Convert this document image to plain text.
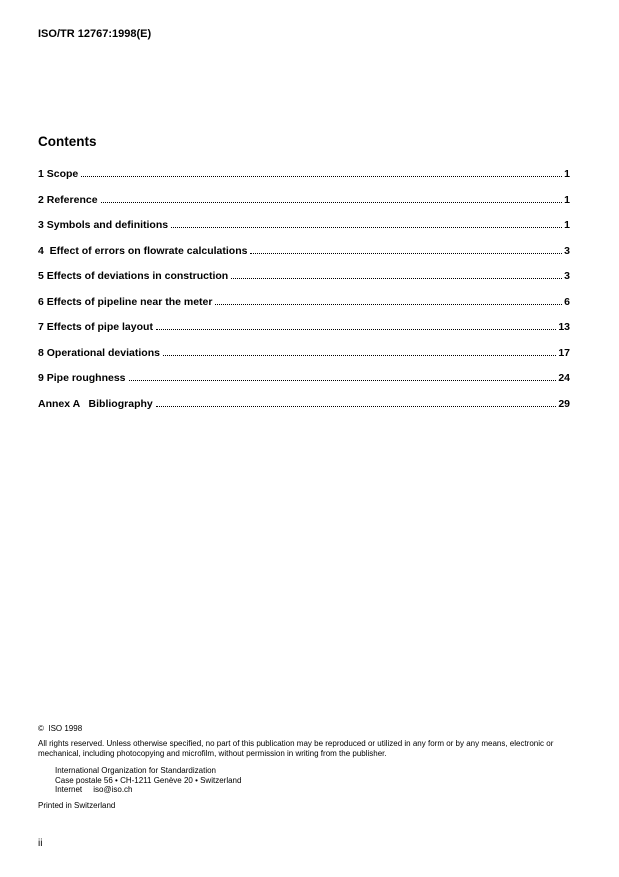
ISO/TR 12767:1998(E)
Contents
1 Scope	1
2 Reference	1
3 Symbols and definitions	1
4  Effect of errors on flowrate calculations	3
5 Effects of deviations in construction	3
6 Effects of pipeline near the meter	6
7 Effects of pipe layout	13
8 Operational deviations	17
9 Pipe roughness	24
Annex A   Bibliography	29
©  ISO 1998
All rights reserved. Unless otherwise specified, no part of this publication may be reproduced or utilized in any form or by any means, electronic or mechanical, including photocopying and microfilm, without permission in writing from the publisher.
International Organization for Standardization
Case postale 56 • CH-1211 Genève 20 • Switzerland
Internet     iso@iso.ch
Printed in Switzerland
ii
